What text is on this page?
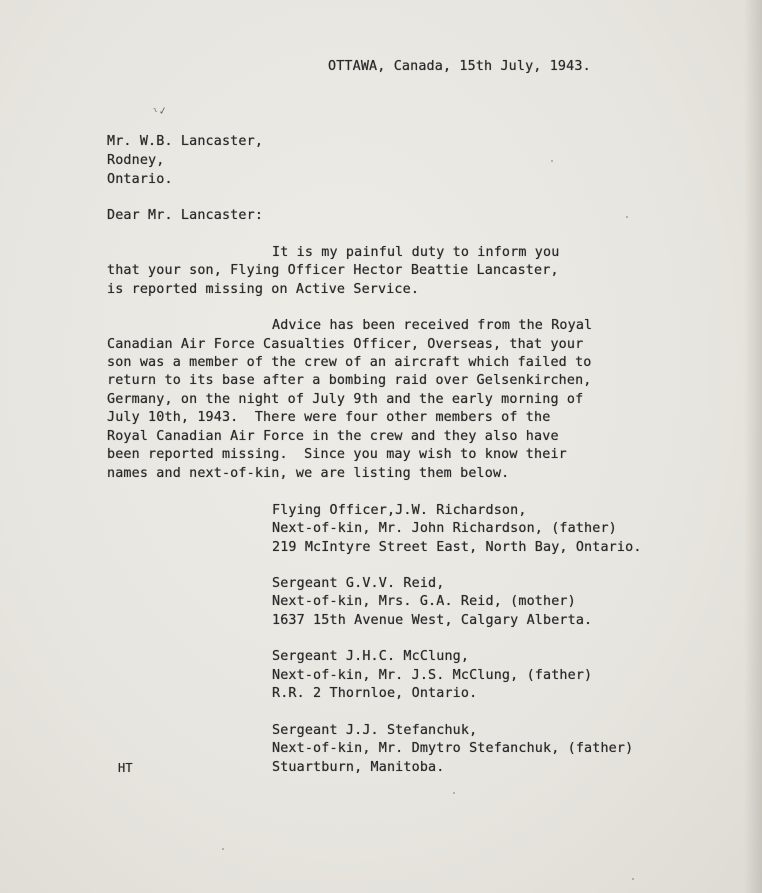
OTTAWA, Canada, 15th July, 1943.
ᶥ✓
Mr. W.B. Lancaster,
Rodney,
Ontario.
Dear Mr. Lancaster:
It is my painful duty to inform you
that your son, Flying Officer Hector Beattie Lancaster,
is reported missing on Active Service.
Advice has been received from the Royal
Canadian Air Force Casualties Officer, Overseas, that your
son was a member of the crew of an aircraft which failed to
return to its base after a bombing raid over Gelsenkirchen,
Germany, on the night of July 9th and the early morning of
July 10th, 1943.  There were four other members of the
Royal Canadian Air Force in the crew and they also have
been reported missing.  Since you may wish to know their
names and next-of-kin, we are listing them below.
Flying Officer,J.W. Richardson,
Next-of-kin, Mr. John Richardson, (father)
219 McIntyre Street East, North Bay, Ontario.
Sergeant G.V.V. Reid,
Next-of-kin, Mrs. G.A. Reid, (mother)
1637 15th Avenue West, Calgary Alberta.
Sergeant J.H.C. McClung,
Next-of-kin, Mr. J.S. McClung, (father)
R.R. 2 Thornloe, Ontario.
Sergeant J.J. Stefanchuk,
Next-of-kin, Mr. Dmytro Stefanchuk, (father)
Stuartburn, Manitoba.
HT
